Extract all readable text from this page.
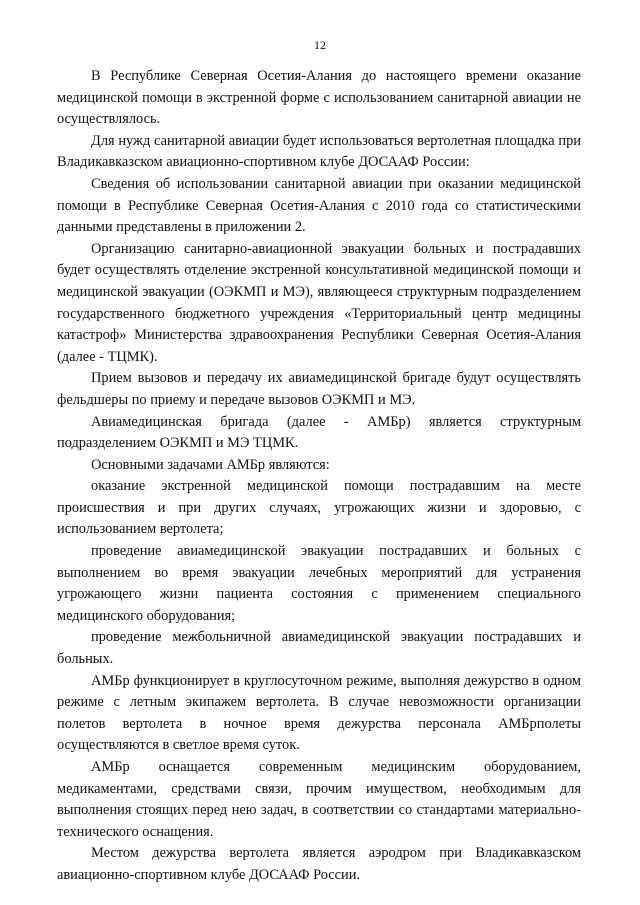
12

В Республике Северная Осетия-Алания до настоящего времени оказание медицинской помощи в экстренной форме с использованием санитарной авиации не осуществлялось.

Для нужд санитарной авиации будет использоваться вертолетная площадка при Владикавказском авиационно-спортивном клубе ДОСААФ России:

Сведения об использовании санитарной авиации при оказании медицинской помощи в Республике Северная Осетия-Алания с 2010 года со статистическими данными представлены в приложении 2.

Организацию санитарно-авиационной эвакуации больных и пострадавших будет осуществлять отделение экстренной консультативной медицинской помощи и медицинской эвакуации (ОЭКМП и МЭ), являющееся структурным подразделением государственного бюджетного учреждения «Территориальный центр медицины катастроф» Министерства здравоохранения Республики Северная Осетия-Алания (далее - ТЦМК).

Прием вызовов и передачу их авиамедицинской бригаде будут осуществлять фельдшеры по приему и передаче вызовов ОЭКМП и МЭ.

Авиамедицинская бригада (далее - АМБр) является структурным подразделением ОЭКМП и МЭ ТЦМК.

Основными задачами АМБр являются:

оказание экстренной медицинской помощи пострадавшим на месте происшествия и при других случаях, угрожающих жизни и здоровью, с использованием вертолета;

проведение авиамедицинской эвакуации пострадавших и больных с выполнением во время эвакуации лечебных мероприятий для устранения угрожающего жизни пациента состояния с применением специального медицинского оборудования;

проведение межбольничной авиамедицинской эвакуации пострадавших и больных.

АМБр функционирует в круглосуточном режиме, выполняя дежурство в одном режиме с летным экипажем вертолета. В случае невозможности организации полетов вертолета в ночное время дежурства персонала АМБрполеты осуществляются в светлое время суток.

АМБр оснащается современным медицинским оборудованием, медикаментами, средствами связи, прочим имуществом, необходимым для выполнения стоящих перед нею задач, в соответствии со стандартами материально-технического оснащения.

Местом дежурства вертолета является аэродром при Владикавказском авиационно-спортивном клубе ДОСААФ России.
